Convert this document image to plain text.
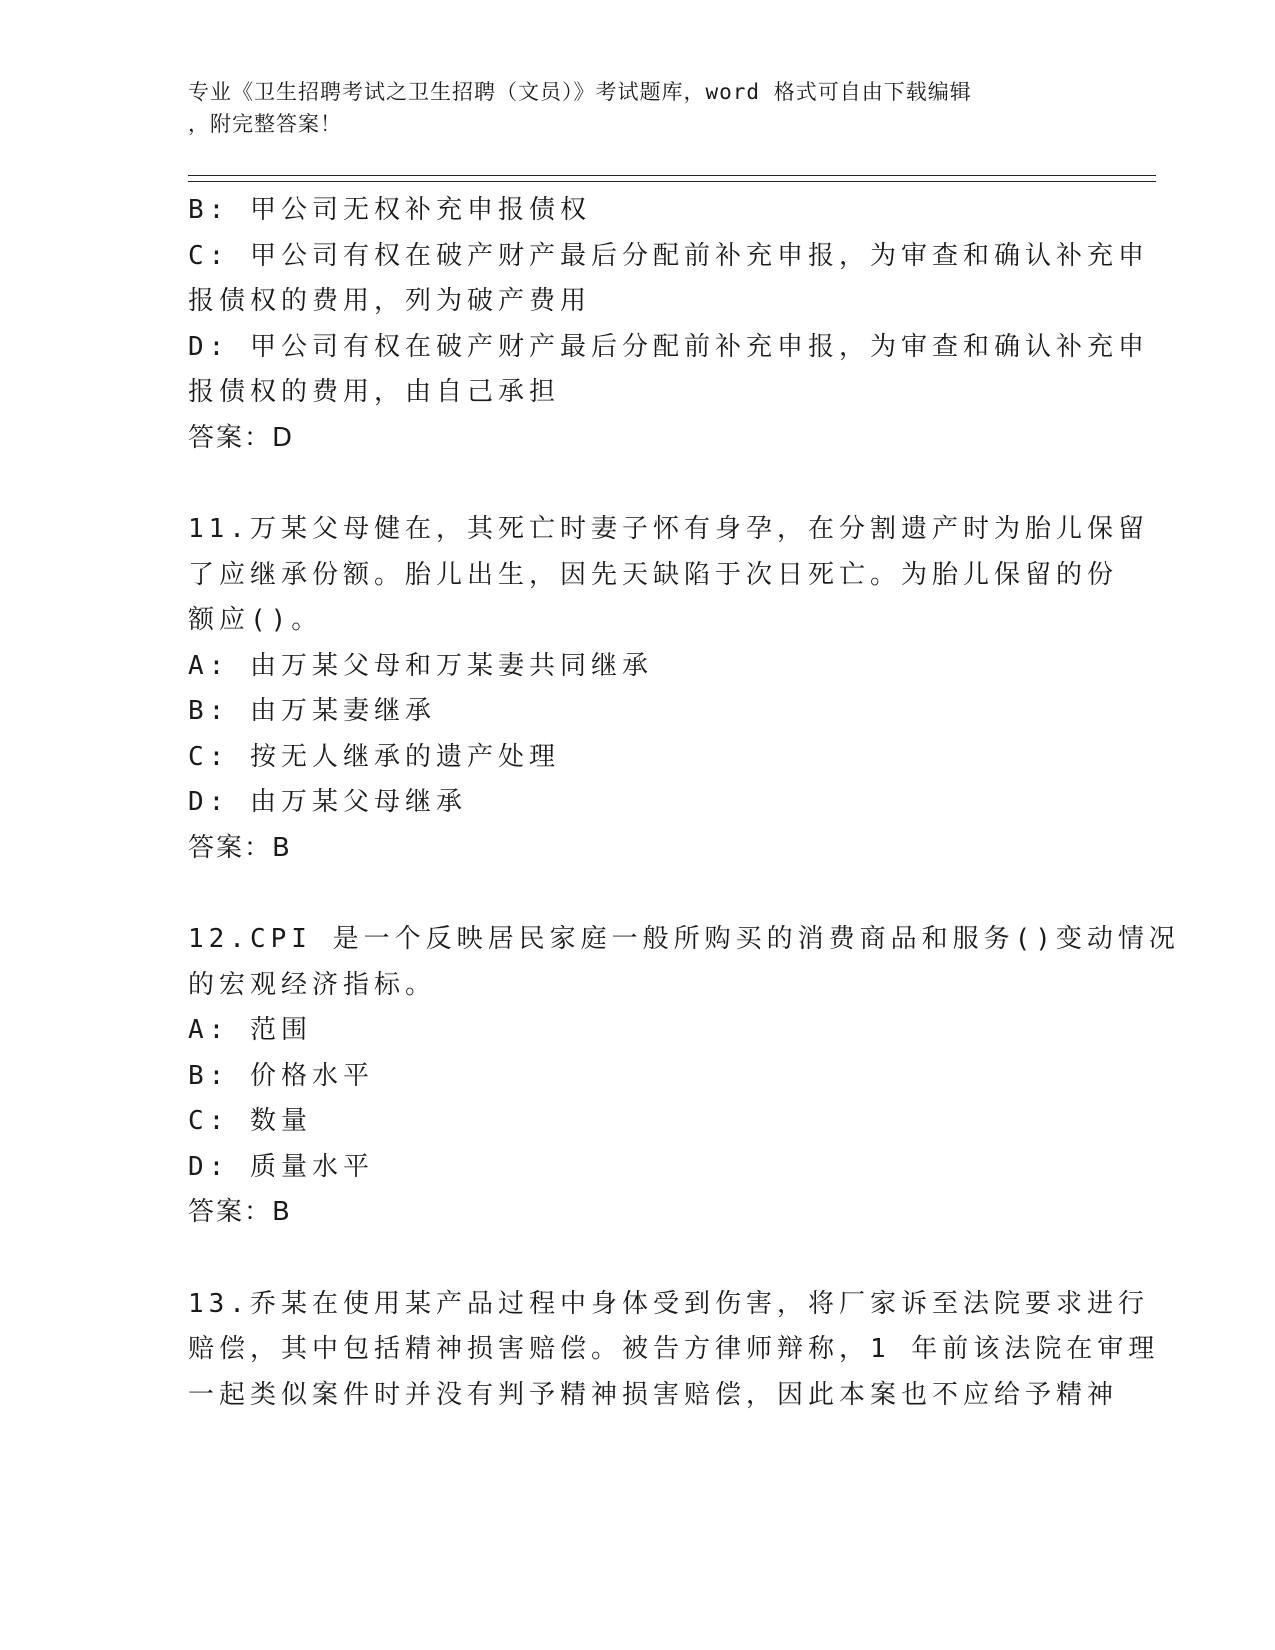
专业《卫生招聘考试之卫生招聘（文员）》考试题库，word 格式可自由下载编辑
，附完整答案！
B: 甲公司无权补充申报债权
C: 甲公司有权在破产财产最后分配前补充申报，为审查和确认补充申
报债权的费用，列为破产费用
D: 甲公司有权在破产财产最后分配前补充申报，为审查和确认补充申
报债权的费用，由自己承担
答案：D
11.万某父母健在，其死亡时妻子怀有身孕，在分割遗产时为胎儿保留
了应继承份额。胎儿出生，因先天缺陷于次日死亡。为胎儿保留的份
额应()。
A: 由万某父母和万某妻共同继承
B: 由万某妻继承
C: 按无人继承的遗产处理
D: 由万某父母继承
答案：B
12.CPI 是一个反映居民家庭一般所购买的消费商品和服务()变动情况
的宏观经济指标。
A: 范围
B: 价格水平
C: 数量
D: 质量水平
答案：B
13.乔某在使用某产品过程中身体受到伤害，将厂家诉至法院要求进行
赔偿，其中包括精神损害赔偿。被告方律师辩称，1 年前该法院在审理
一起类似案件时并没有判予精神损害赔偿，因此本案也不应给予精神
